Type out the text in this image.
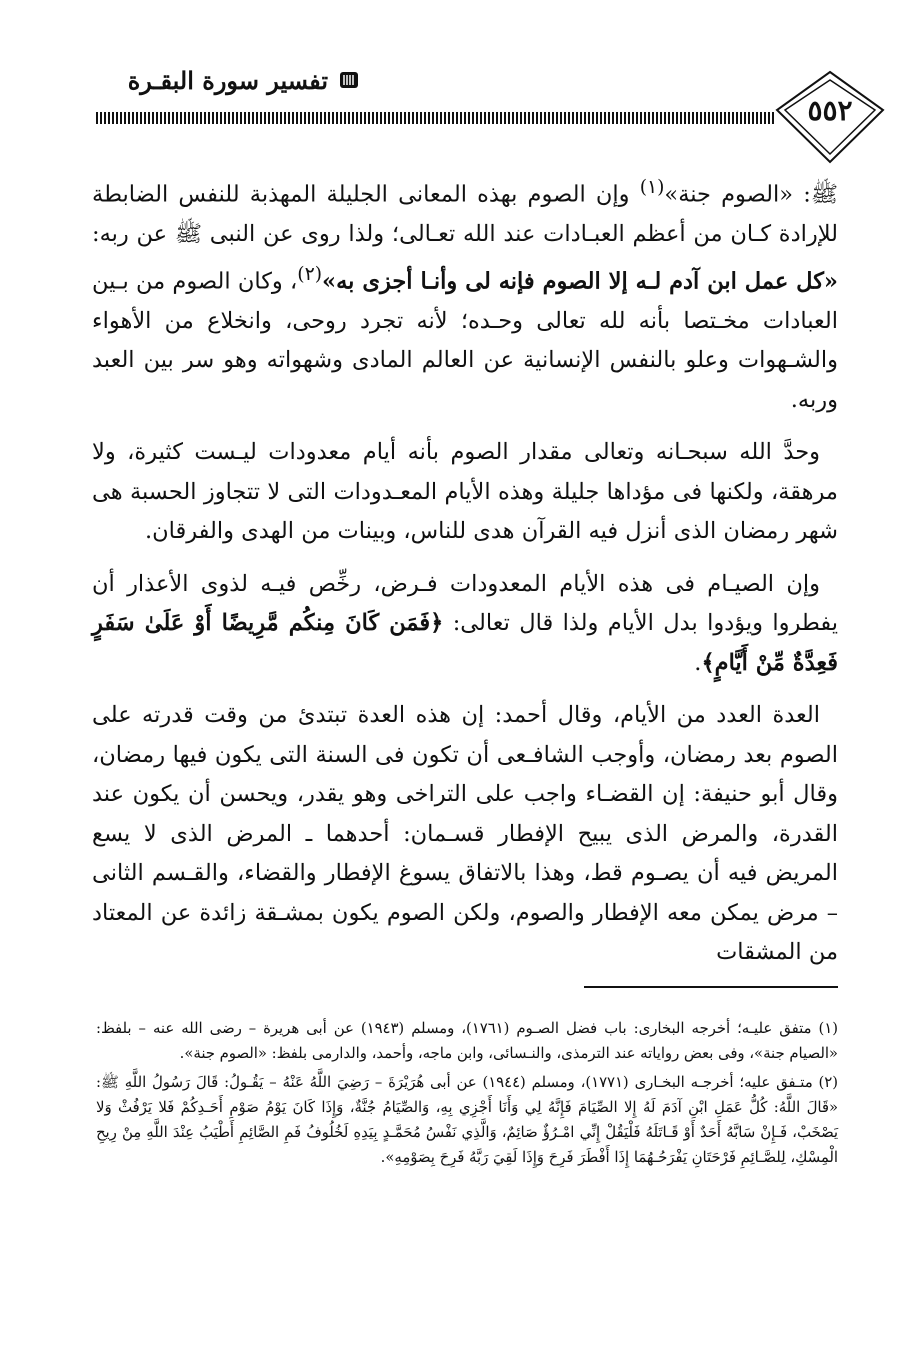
تفسير سورة البقـرة
٥٥٢

ﷺ: «الصوم جنة»$^{(١)}$ وإن الصوم بهذه المعانى الجليلة المهذبة للنفس الضابطة للإرادة كـان من أعظم العبـادات عند الله تعـالى؛ ولذا روى عن النبى ﷺ عن ربه: «كل عمل ابن آدم لـه إلا الصوم فإنه لى وأنـا أجزى به»$^{(٢)}$، وكان الصوم من بـين العبادات مخـتصا بأنه لله تعالى وحـده؛ لأنه تجرد روحى، وانخلاع من الأهواء والشـهوات وعلو بالنفس الإنسانية عن العالم المادى وشهواته وهو سر بين العبد وربه.

وحدَّ الله سبحـانه وتعالى مقدار الصوم بأنه أيام معدودات ليـست كثيرة، ولا مرهقة، ولكنها فى مؤداها جليلة وهذه الأيام المعـدودات التى لا تتجاوز الحسبة هى شهر رمضان الذى أنزل فيه القرآن هدى للناس، وبينات من الهدى والفرقان.

وإن الصيـام فى هذه الأيام المعدودات فـرض، رخِّص فيـه لذوى الأعذار أن يفطروا ويؤدوا بدل الأيام ولذا قال تعالى: ﴿فَمَن كَانَ مِنكُم مَّرِيضًا أَوْ عَلَىٰ سَفَرٍ فَعِدَّةٌ مِّنْ أَيَّامٍ﴾.

العدة العدد من الأيام، وقال أحمد: إن هذه العدة تبتدئ من وقت قدرته على الصوم بعد رمضان، وأوجب الشافـعى أن تكون فى السنة التى يكون فيها رمضان، وقال أبو حنيفة: إن القضـاء واجب على التراخى وهو يقدر، ويحسن أن يكون عند القدرة، والمرض الذى يبيح الإفطار قسـمان: أحدهما ـ المرض الذى لا يسع المريض فيه أن يصـوم قط، وهذا بالاتفاق يسوغ الإفطار والقضاء، والقـسم الثانى – مرض يمكن معه الإفطار والصوم، ولكن الصوم يكون بمشـقة زائدة عن المعتاد من المشقات

(١) متفق عليـه؛ أخرجه البخارى: باب فضل الصـوم (١٧٦١)، ومسلم (١٩٤٣) عن أبى هريرة – رضى الله عنه – بلفظ: «الصيام جنة»، وفى بعض رواياته عند الترمذى، والنـسائى، وابن ماجه، وأحمد، والدارمى بلفظ: «الصوم جنة».

(٢) متـفق عليه؛ أخرجـه البخـارى (١٧٧١)، ومسلم (١٩٤٤) عن أبى هُرَيْرَةَ – رَضِيَ اللَّهُ عَنْهُ – يَقُـولُ: قَالَ رَسُولُ اللَّهِ ﷺ: «قَالَ اللَّهُ: كُلُّ عَمَلِ ابْنِ آدَمَ لَهُ إِلا الصِّيَامَ فَإِنَّهُ لِي وَأَنَا أَجْزِي بِهِ، وَالصِّيَامُ جُنَّةٌ، وَإِذَا كَانَ يَوْمُ صَوْمِ أَحَـدِكُمْ فَلا يَرْفُثْ وَلا يَصْخَبْ، فَـإِنْ سَابَّهُ أَحَدٌ أَوْ قَـاتَلَهُ فَلْيَقُلْ إِنِّي امْـرُؤٌ صَائِمٌ، وَالَّذِي نَفْسُ مُحَمَّـدٍ بِيَدِهِ لَخُلُوفُ فَمِ الصَّائِمِ أَطْيَبُ عِنْدَ اللَّهِ مِنْ رِيحِ الْمِسْكِ، لِلصَّـائِمِ فَرْحَتَانِ يَفْرَحُـهُمَا إِذَا أَفْطَرَ فَرِحَ وَإِذَا لَقِيَ رَبَّهُ فَرِحَ بِصَوْمِهِ».
